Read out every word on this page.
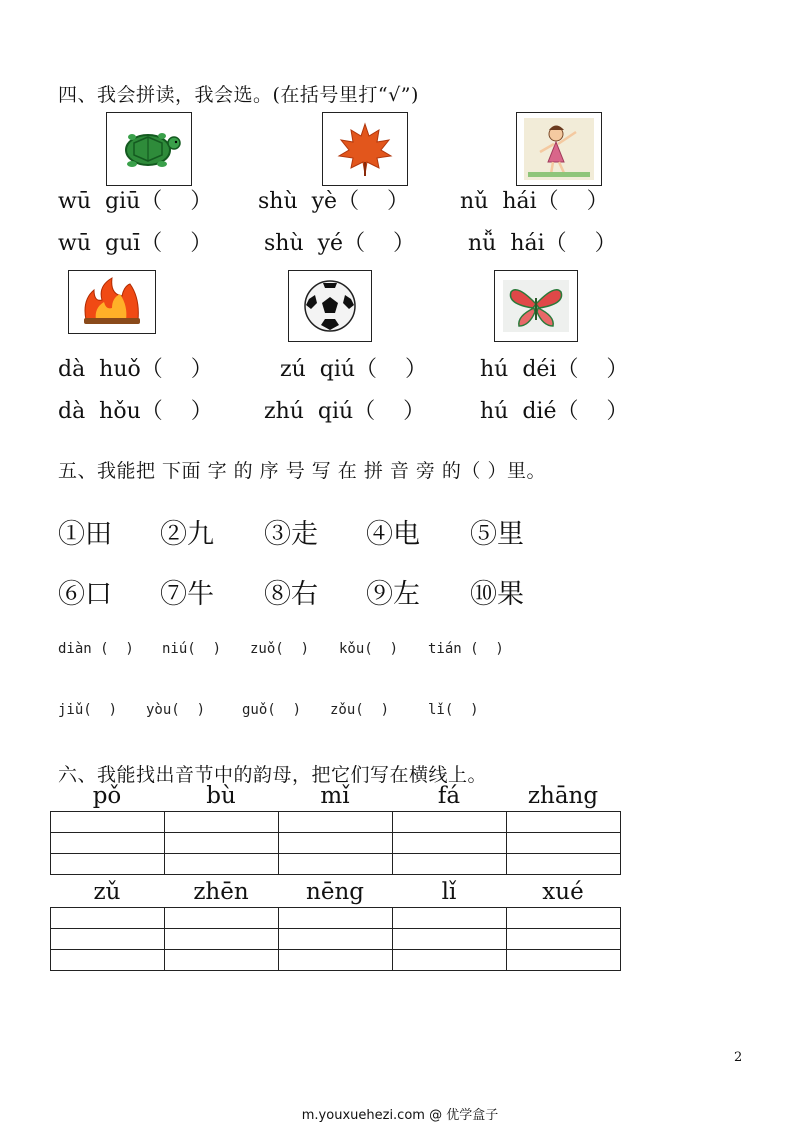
四、我会拼读，我会选。(在括号里打“√”)
wū  giū（    ） shù  yè（    ） nǔ  hái（    ）
wū  guī（    ） shù  yé（    ） nǚ  hái（    ）
dà  huǒ（    ）	zú  qiú（    ） hú  déi（    ）
dà  hǒu（    ） zhú  qiú（    ） hú  dié（    ）
五、我能把 下面 字 的 序 号 写 在 拼 音 旁 的（ ）里。
①田 ②九 ③走 ④电 ⑤里
⑥口 ⑦牛 ⑧右 ⑨左 ⑩果
diàn (  ) niú(  ) zuǒ(  ) kǒu(  ) tián (  )
jiǔ(  ) yòu(  )	guǒ(  ) zǒu(  )	lǐ(  )
六、我能找出音节中的韵母，把它们写在横线上。
pǒ	bù	mǐ	fá	zhāng

zǔ	zhēn	nēng	lǐ	xué

2
m.youxuehezi.com @ 优学盒子
